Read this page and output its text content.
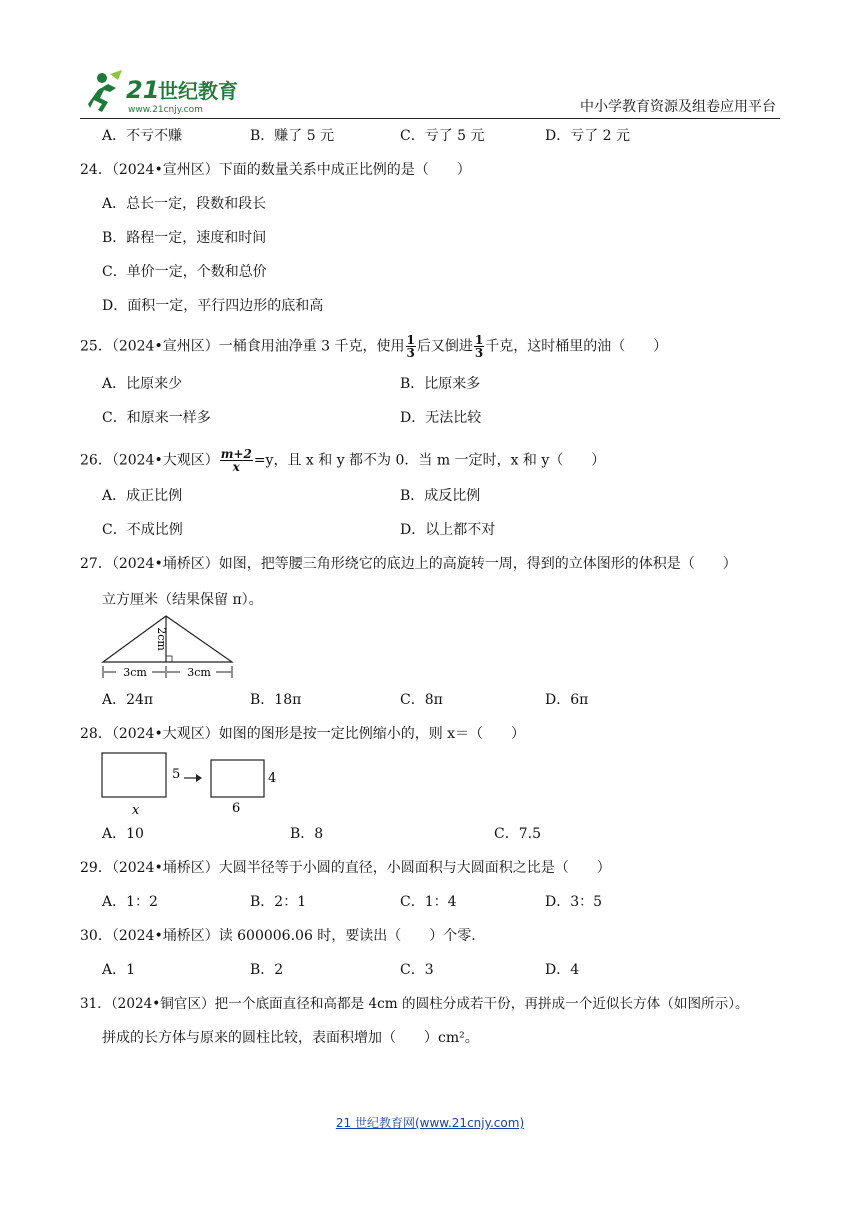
21
世纪教育
www.21cnjy.com	中小学教育资源及组卷应用平台
A．不亏不赚	B．赚了 5 元	C．亏了 5 元	D．亏了 2 元
24．（2024•宣州区）下面的数量关系中成正比例的是（　　）
A．总长一定，段数和段长
B．路程一定，速度和时间
C．单价一定，个数和总价
D．面积一定，平行四边形的底和高
25．（2024•宣州区）一桶食用油净重 3 千克，使用 $\frac{1}{3}$ 后又倒进 $\frac{1}{3}$ 千克，这时桶里的油（　　）
A．比原来少	B．比原来多
C．和原来一样多	D．无法比较
26．（2024•大观区） $\frac{m+2}{x} =y$，且 x 和 y 都不为 0．当 m 一定时，x 和 y（　　）
A．成正比例	B．成反比例
C．不成比例	D．以上都不对
27．（2024•埇桥区）如图，把等腰三角形绕它的底边上的高旋转一周，得到的立体图形的体积是（　　）
立方厘米（结果保留 π）。
2cm
3cm	3cm
A．24π	B．18π	C．8π	D．6π
28．（2024•大观区）如图的图形是按一定比例缩小的，则 x＝（　　）
5
x
4
6
A．10	B．8	C．7.5
29．（2024•埇桥区）大圆半径等于小圆的直径，小圆面积与大圆面积之比是（　　）
A．1：2	B．2：1	C．1：4	D．3：5
30．（2024•埇桥区）读 600006.06 时，要读出（　　）个零.
A．1	B．2	C．3	D．4
31．（2024•铜官区）把一个底面直径和高都是 4cm 的圆柱分成若干份，再拼成一个近似长方体（如图所示）。
拼成的长方体与原来的圆柱比较，表面积增加（　　）cm²。
21 世纪教育网(www.21cnjy.com)
